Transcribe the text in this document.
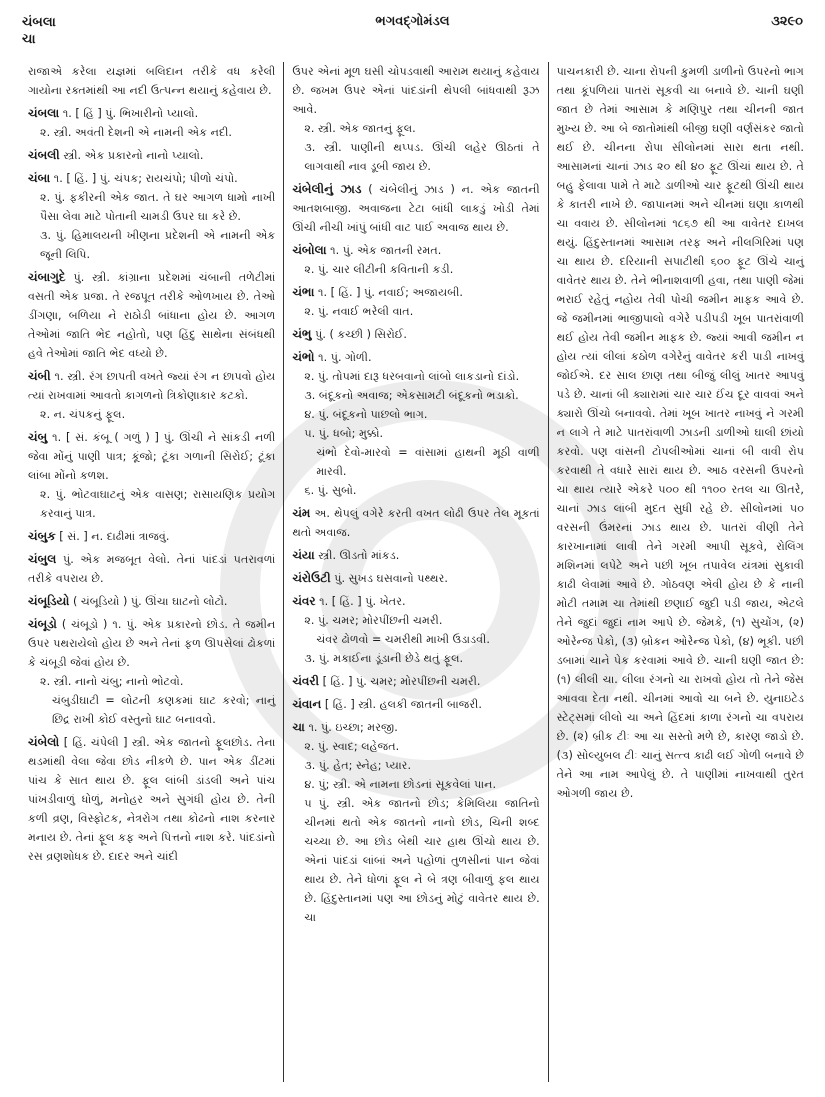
ચંબલા
ચા
ભગવદ્ગોમંડલ	૩૨૯૦
રાજાએ કરેલા યજ્ઞમાં બલિદાન તરીકે વધ કરેલી ગાયોના રક્તમાંથી આ નદી ઉત્પન્ન થયાનું કહેવાય છે.
ચંબલા ૧. [ હિં ] પું. ભિખારીનો પ્યાલો.
૨. સ્ત્રી. અવંતી દેશની એ નામની એક નદી.
ચંબલી સ્ત્રી. એક પ્રકારનો નાનો પ્યાલો.
ચંબા ૧. [ હિં. ] પું. ચંપક; રાયચંપો; પીળો ચંપો.
૨. પું. ફકીરની એક જાત. તે ઘર આગળ ધામો નાખી પૈસા લેવા માટે પોતાની ચામડી ઉપર ઘા કરે છે.
૩. પું. હિમાલયની ખીણના પ્રદેશની એ નામની એક જૂની લિપિ.
ચંબાગુદે પું. સ્ત્રી. કાંગ્રાના પ્રદેશમાં ચંબાની તળેટીમાં વસતી એક પ્રજા. તે રજપૂત તરીકે ઓળખાય છે. તેઓ ડીંગણા, બળિયા ને રાઠોડી બાંધાના હોય છે. આગળ તેઓમાં જાતિ ભેદ નહોતો, પણ હિંદુ સાથેના સંબંધથી હવે તેઓમાં જાતિ ભેદ વધ્યો છે.
ચંબી ૧. સ્ત્રી. રંગ છાપતી વખતે જ્યાં રંગ ન છાપવો હોય ત્યાં રાખવામાં આવતો કાગળનો ત્રિકોણાકાર કટકો.
૨. ન. ચંપકનું ફૂલ.
ચંબુ ૧. [ સં. કંબૂ ( ગળું ) ] પું. ઊંચી ને સાંકડી નળી જેવા મોંનું પાણી પાત્ર; કૂંજો; ટૂંકા ગળાની સિરોઈ; ટૂંકા લાંબા મોંનો કળશ.
૨. પું. ભોટવાઘાટનું એક વાસણ; રાસાયણિક પ્રયોગ કરવાનું પાત્ર.
ચંબુક [ સં. ] ન. દાઢીમાં ત્રાજવું.
ચંબુલ પું. એક મજબૂત વેલો. તેનાં પાંદડાં પતરાવળાં તરીકે વપરાય છે.
ચંબૂડિયો ( ચંબૂડિયો ) પું. ઊંચા ઘાટનો લોટો.
ચંબૂડો ( ચંબૂડો ) ૧. પું. એક પ્રકારનો છોડ. તે જમીન ઉપર પથરાયેલો હોય છે અને તેનાં ફળ ઊપસેલાં ઢોકળાં કે ચંબૂડી જેવાં હોય છે.
૨. સ્ત્રી. નાનો ચંબુ; નાનો ભોટવો.
ચંબુડીઘાટી = લોટની કણકમાં ઘાટ કરવો; નાનું છિદ્ર રાખી કોઈ વસ્તુનો ઘાટ બનાવવો.
ચંબેલો [ હિં. ચંપેલી ] સ્ત્રી. એક જાતનો ફૂલછોડ. તેના થડમાંથી વેલા જેવા છોડ નીકળે છે. પાન એક ડીંટમાં પાંચ કે સાત થાય છે. ફૂલ લાંબી ડાંડલી અને પાંચ પાંખડીવાળું ધોળું, મનોહર અને સુગંધી હોય છે. તેની કળી વ્રણ, વિસ્ફોટક, નેત્રરોગ તથા કોઢનો નાશ કરનાર મનાય છે. તેનાં ફૂલ કફ અને પિત્તનો નાશ કરે. પાંદડાંનો રસ વ્રણશોધક છે. દાદર અને ચાંદી
ઉપર એનાં મૂળ ઘસી ચોપડવાથી આરામ થયાનું કહેવાય છે. જખમ ઉપર એનાં પાંદડાંની થેપલી બાંધવાથી રૂઝ આવે.
૨. સ્ત્રી. એક જાતનું ફૂલ.
૩. સ્ત્રી. પાણીની થપ્પડ. ઊંચી લહેર ઊઠતાં તે લાગવાથી નાવ ડૂબી જાય છે.
ચંબેલીનું ઝાડ ( ચંબેલીનું ઝાડ ) ન. એક જાતની આતશબાજી. અવાજના ટેટા બાંધી લાકડું ખોડી તેમાં ઊંચી નીચી ખાંપું બાંધી વાટ પાઈ અવાજ થાય છે.
ચંબોલા ૧. પું. એક જાતની રમત.
૨. પું. ચાર લીટીની કવિતાની કડી.
ચંભા ૧. [ હિં. ] પું. નવાઈ; અજાયબી.
૨. પું. નવાઈ ભરેલી વાત.
ચંભુ પું. ( કચ્છી ) સિરોઈ.
ચંભો ૧. પું. ગોળી.
૨. પું. તોપમાં દારૂ ધરબવાનો લાંબો લાકડાનો દાંડો.
૩. બંદૂકનો અવાજ; એકસામટી બંદૂકનો ભડાકો.
૪. પું. બંદૂકનો પાછલો ભાગ.
૫. પું. ધબો; મુક્કો.
ચંભો દેવો-મારવો = વાંસામાં હાથની મૂઠી વાળી મારવી.
૬. પું. સુબો.
ચંમ અ. થેપલું વગેરે કરતી વખત લોઢી ઉપર તેલ મૂકતાં થતો અવાજ.
ચંયા સ્ત્રી. ઊડતો માંકડ.
ચંરોઉટી પું. સુખડ ઘસવાનો પથ્થર.
ચંવર ૧. [ હિં. ] પું. ખેતર.
૨. પું. ચમર; મોરપીંછની ચમરી.
ચંવર ઢોળવો = ચમરીથી માખી ઉડાડવી.
૩. પું. મકાઈના ડૂંડાની છેડે થતું ફૂલ.
ચંવરી [ હિં. ] પું. ચમર; મોરપીંછની ચમરી.
ચંવાન [ હિં. ] સ્ત્રી. હલકી જાતની બાજરી.
ચા ૧. પું. ઇચ્છા; મરજી.
૨. પું. સ્વાદ; લહેજત.
૩. પું. હેત; સ્નેહ; પ્યાર.
૪. પું; સ્ત્રી. એ નામના છોડનાં સૂકવેલાં પાન.
૫ પું. સ્ત્રી. એક જાતનો છોડ; કેમિલિયા જાતિનો ચીનમાં થતો એક જાતનો નાનો છોડ, ચિની શબ્દ ચચ્ચા છે. આ છોડ બેથી ચાર હાથ ઊંચો થાય છે. એનાં પાંદડાં લાંબાં અને પહોળાં તુળસીનાં પાન જેવાં થાય છે. તેને ધોળાં ફૂલ ને બે ત્રણ બીવાળું ફલ થાય છે. હિંદુસ્તાનમાં પણ આ છોડનું મોટું વાવેતર થાય છે. ચા
પાચનકારી છે. ચાના રોપની કુમળી ડાળીનો ઉપરનો ભાગ તથા કૂંપળિયાં પાતરાં સૂકવી ચા બનાવે છે. ચાની ઘણી જાત છે તેમાં આસામ કે મણિપુર તથા ચીનની જાત મુખ્ય છે. આ બે જાતોમાંથી બીજી ઘણી વર્ણસંકર જાતો થઈ છે. ચીનના રોપા સીલોનમાં સારા થતા નથી. આસામનાં ચાનાં ઝાડ ૨૦ થી ૪૦ ફૂટ ઊંચાં થાય છે. તે બહુ ફેલાવા પામે તે માટે ડાળીઓ ચાર ફૂટથી ઊંચી થાય કે કાતરી નાખે છે. જાપાનમાં અને ચીનમાં ઘણા કાળથી ચા વવાય છે. સીલોનમાં ૧૮૬૭ થી આ વાવેતર દાખલ થયું. હિંદુસ્તાનમાં આસામ તરફ અને નીલગિરિમાં પણ ચા થાય છે. દરિયાની સપાટીથી ૬૦૦ ફૂટ ઊંચે ચાનું વાવેતર થાય છે. તેને ભીનાશવાળી હવા, તથા પાણી જેમાં ભરાઈ રહેતું નહોય તેવી પોચી જમીન માફક આવે છે. જે જમીનમાં ભાજીપાલો વગેરે પડીપડી ખૂબ પાતરાંવાળી થઈ હોય તેવી જમીન માફક છે. જ્યાં આવી જમીન ન હોય ત્યાં લીલાં કઠોળ વગેરેનું વાવેતર કરી પાડી નાખવું જોઈએ. દર સાલ છાણ તથા બીજું લીલું ખાતર આપવું પડે છે. ચાનાં બી ક્યારામાં ચાર ચાર ઈંચ દૂર વાવવાં અને ક્યારો ઊંચો બનાવવો. તેમાં ખૂબ ખાતર નાખવું ને ગરમી ન લાગે તે માટે પાતરાંવાળી ઝાડની ડાળીઓ ઘાલી છાંયો કરવો. પણ વાંસની ટોપલીઓમાં ચાનાં બી વાવી રોપ કરવાથી તે વધારે સારાં થાય છે. આઠ વરસની ઉપરનો ચા થાય ત્યારે એકરે ૫૦૦ થી ૧૧૦૦ રતલ ચા ઊતરે, ચાનાં ઝાડ લાંબી મુદત સુધી રહે છે. સીલોનમાં ૫૦ વરસની ઉંમરનાં ઝાડ થાય છે. પાતરાં વીણી તેને કારખાનામાં લાવી તેને ગરમી આપી સૂકવે, રોલિંગ મશિનમાં લપેટે અને પછી ખૂબ તપાવેલ યંત્રમાં સુકાવી કાઢી લેવામાં આવે છે. ગોઠવણ એવી હોય છે કે નાની મોટી તમામ ચા તેમાંથી છણાઈ જુદી પડી જાય, એટલે તેને જુદાં જુદાં નામ આપે છે. જેમકે, (૧) સુચોંગ, (૨) ઓરેન્જ પેકો, (૩) બ્રોકન ઓરેન્જ પેકો, (૪) ભૂકી. પછી ડબામાં ચાને પેક કરવામાં આવે છે. ચાની ઘણી જાત છે: (૧) લીલી ચા. લીલા રંગનો ચા રાખવો હોય તો તેને જેસ આવવા દેતા નથી. ચીનમાં આવો ચા બને છે. યુનાઇટેડ સ્ટેટ્સમાં લીલો ચા અને હિંદમાં કાળા રંગનો ચા વપરાય છે. (૨) બ્રીક ટીઃ આ ચા સસ્તો મળે છે, કારણ જાડો છે. (૩) સોલ્યુબલ ટીઃ ચાનું સત્ત્વ કાઢી લઈ ગોળી બનાવે છે તેને આ નામ આપેલું છે. તે પાણીમાં નાખવાથી તુરત ઓગળી જાય છે.
